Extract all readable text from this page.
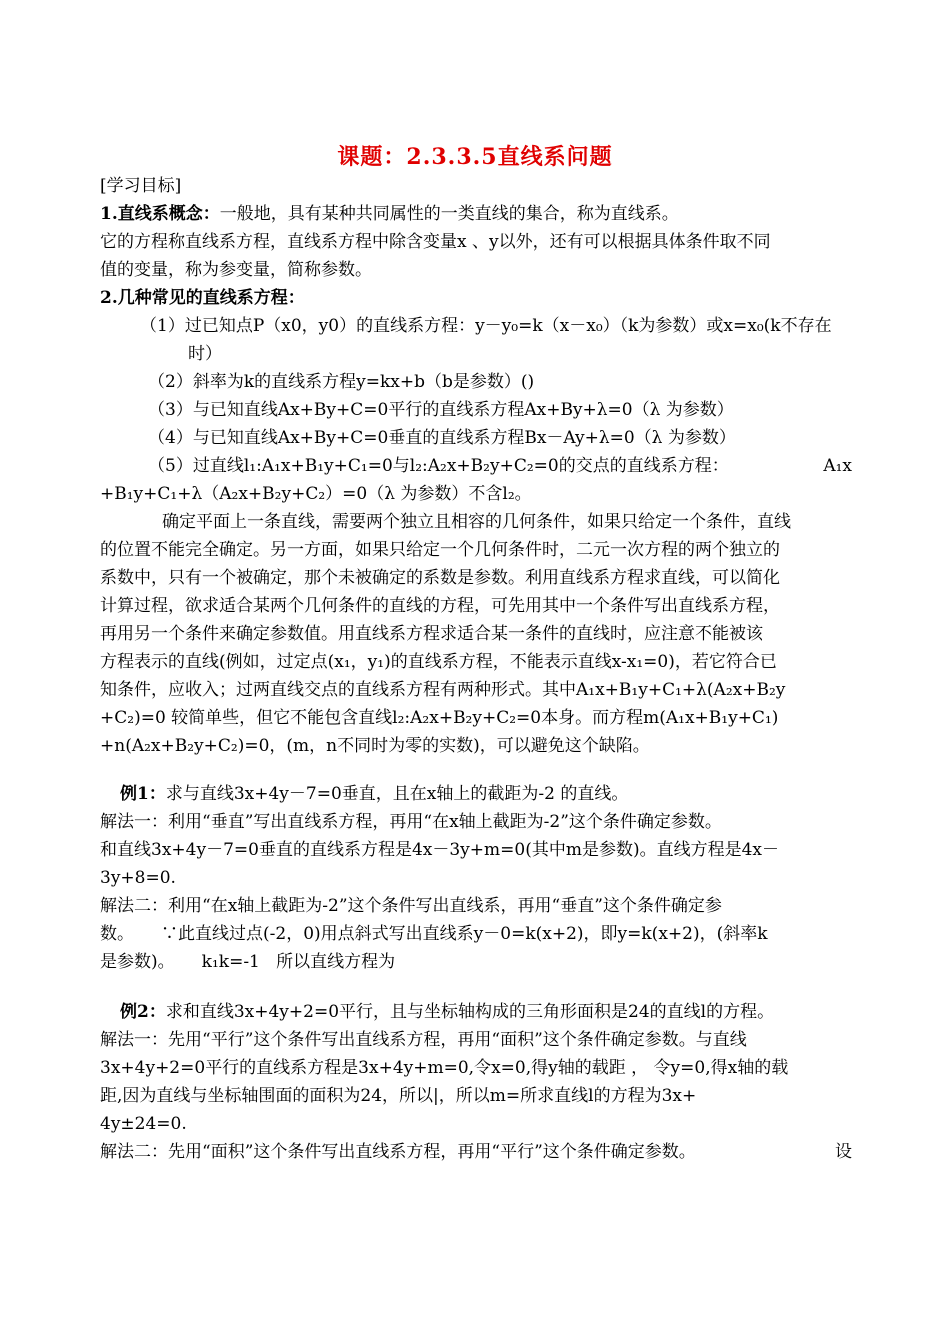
课题：2.3.3.5直线系问题
[学习目标]
1.直线系概念：一般地，具有某种共同属性的一类直线的集合，称为直线系。
它的方程称直线系方程，直线系方程中除含变量x 、y以外，还有可以根据具体条件取不同
值的变量，称为参变量，简称参数。
2.几种常见的直线系方程：
（1）过已知点P（x0，y0）的直线系方程：y－y₀=k（x－x₀）（k为参数）或x=x₀(k不存在
时）
（2）斜率为k的直线系方程y=kx+b（b是参数）()
（3）与已知直线Ax+By+C=0平行的直线系方程Ax+By+λ=0（λ 为参数）
（4）与已知直线Ax+By+C=0垂直的直线系方程Bx－Ay+λ=0（λ 为参数）
（5）过直线l₁:A₁x+B₁y+C₁=0与l₂:A₂x+B₂y+C₂=0的交点的直线系方程：	A₁x
+B₁y+C₁+λ（A₂x+B₂y+C₂）=0（λ 为参数）不含l₂。
确定平面上一条直线，需要两个独立且相容的几何条件，如果只给定一个条件，直线
的位置不能完全确定。另一方面，如果只给定一个几何条件时，二元一次方程的两个独立的
系数中，只有一个被确定，那个未被确定的系数是参数。利用直线系方程求直线，可以简化
计算过程，欲求适合某两个几何条件的直线的方程，可先用其中一个条件写出直线系方程，
再用另一个条件来确定参数值。用直线系方程求适合某一条件的直线时，应注意不能被该
方程表示的直线(例如，过定点(x₁，y₁)的直线系方程，不能表示直线x-x₁=0)，若它符合已
知条件，应收入；过两直线交点的直线系方程有两种形式。其中A₁x+B₁y+C₁+λ(A₂x+B₂y
+C₂)=0 较简单些，但它不能包含直线l₂:A₂x+B₂y+C₂=0本身。而方程m(A₁x+B₁y+C₁)
+n(A₂x+B₂y+C₂)=0，(m，n不同时为零的实数)，可以避免这个缺陷。
例1：求与直线3x+4y－7=0垂直，且在x轴上的截距为-2 的直线。
解法一：利用“垂直”写出直线系方程，再用“在x轴上截距为-2”这个条件确定参数。
和直线3x+4y－7=0垂直的直线系方程是4x－3y+m=0(其中m是参数)。直线方程是4x－
3y+8=0.
解法二：利用“在x轴上截距为-2”这个条件写出直线系，再用“垂直”这个条件确定参
数。     ∵此直线过点(-2，0)用点斜式写出直线系y－0=k(x+2)，即y=k(x+2)，(斜率k
是参数)。     k₁k=-1   所以直线方程为
例2：求和直线3x+4y+2=0平行，且与坐标轴构成的三角形面积是24的直线l的方程。
解法一：先用“平行”这个条件写出直线系方程，再用“面积”这个条件确定参数。与直线
3x+4y+2=0平行的直线系方程是3x+4y+m=0,令x=0,得y轴的载距 ， 令y=0,得x轴的载
距,因为直线与坐标轴围面的面积为24，所以|，所以m=所求直线l的方程为3x+
4y±24=0.
解法二：先用“面积”这个条件写出直线系方程，再用“平行”这个条件确定参数。	设
